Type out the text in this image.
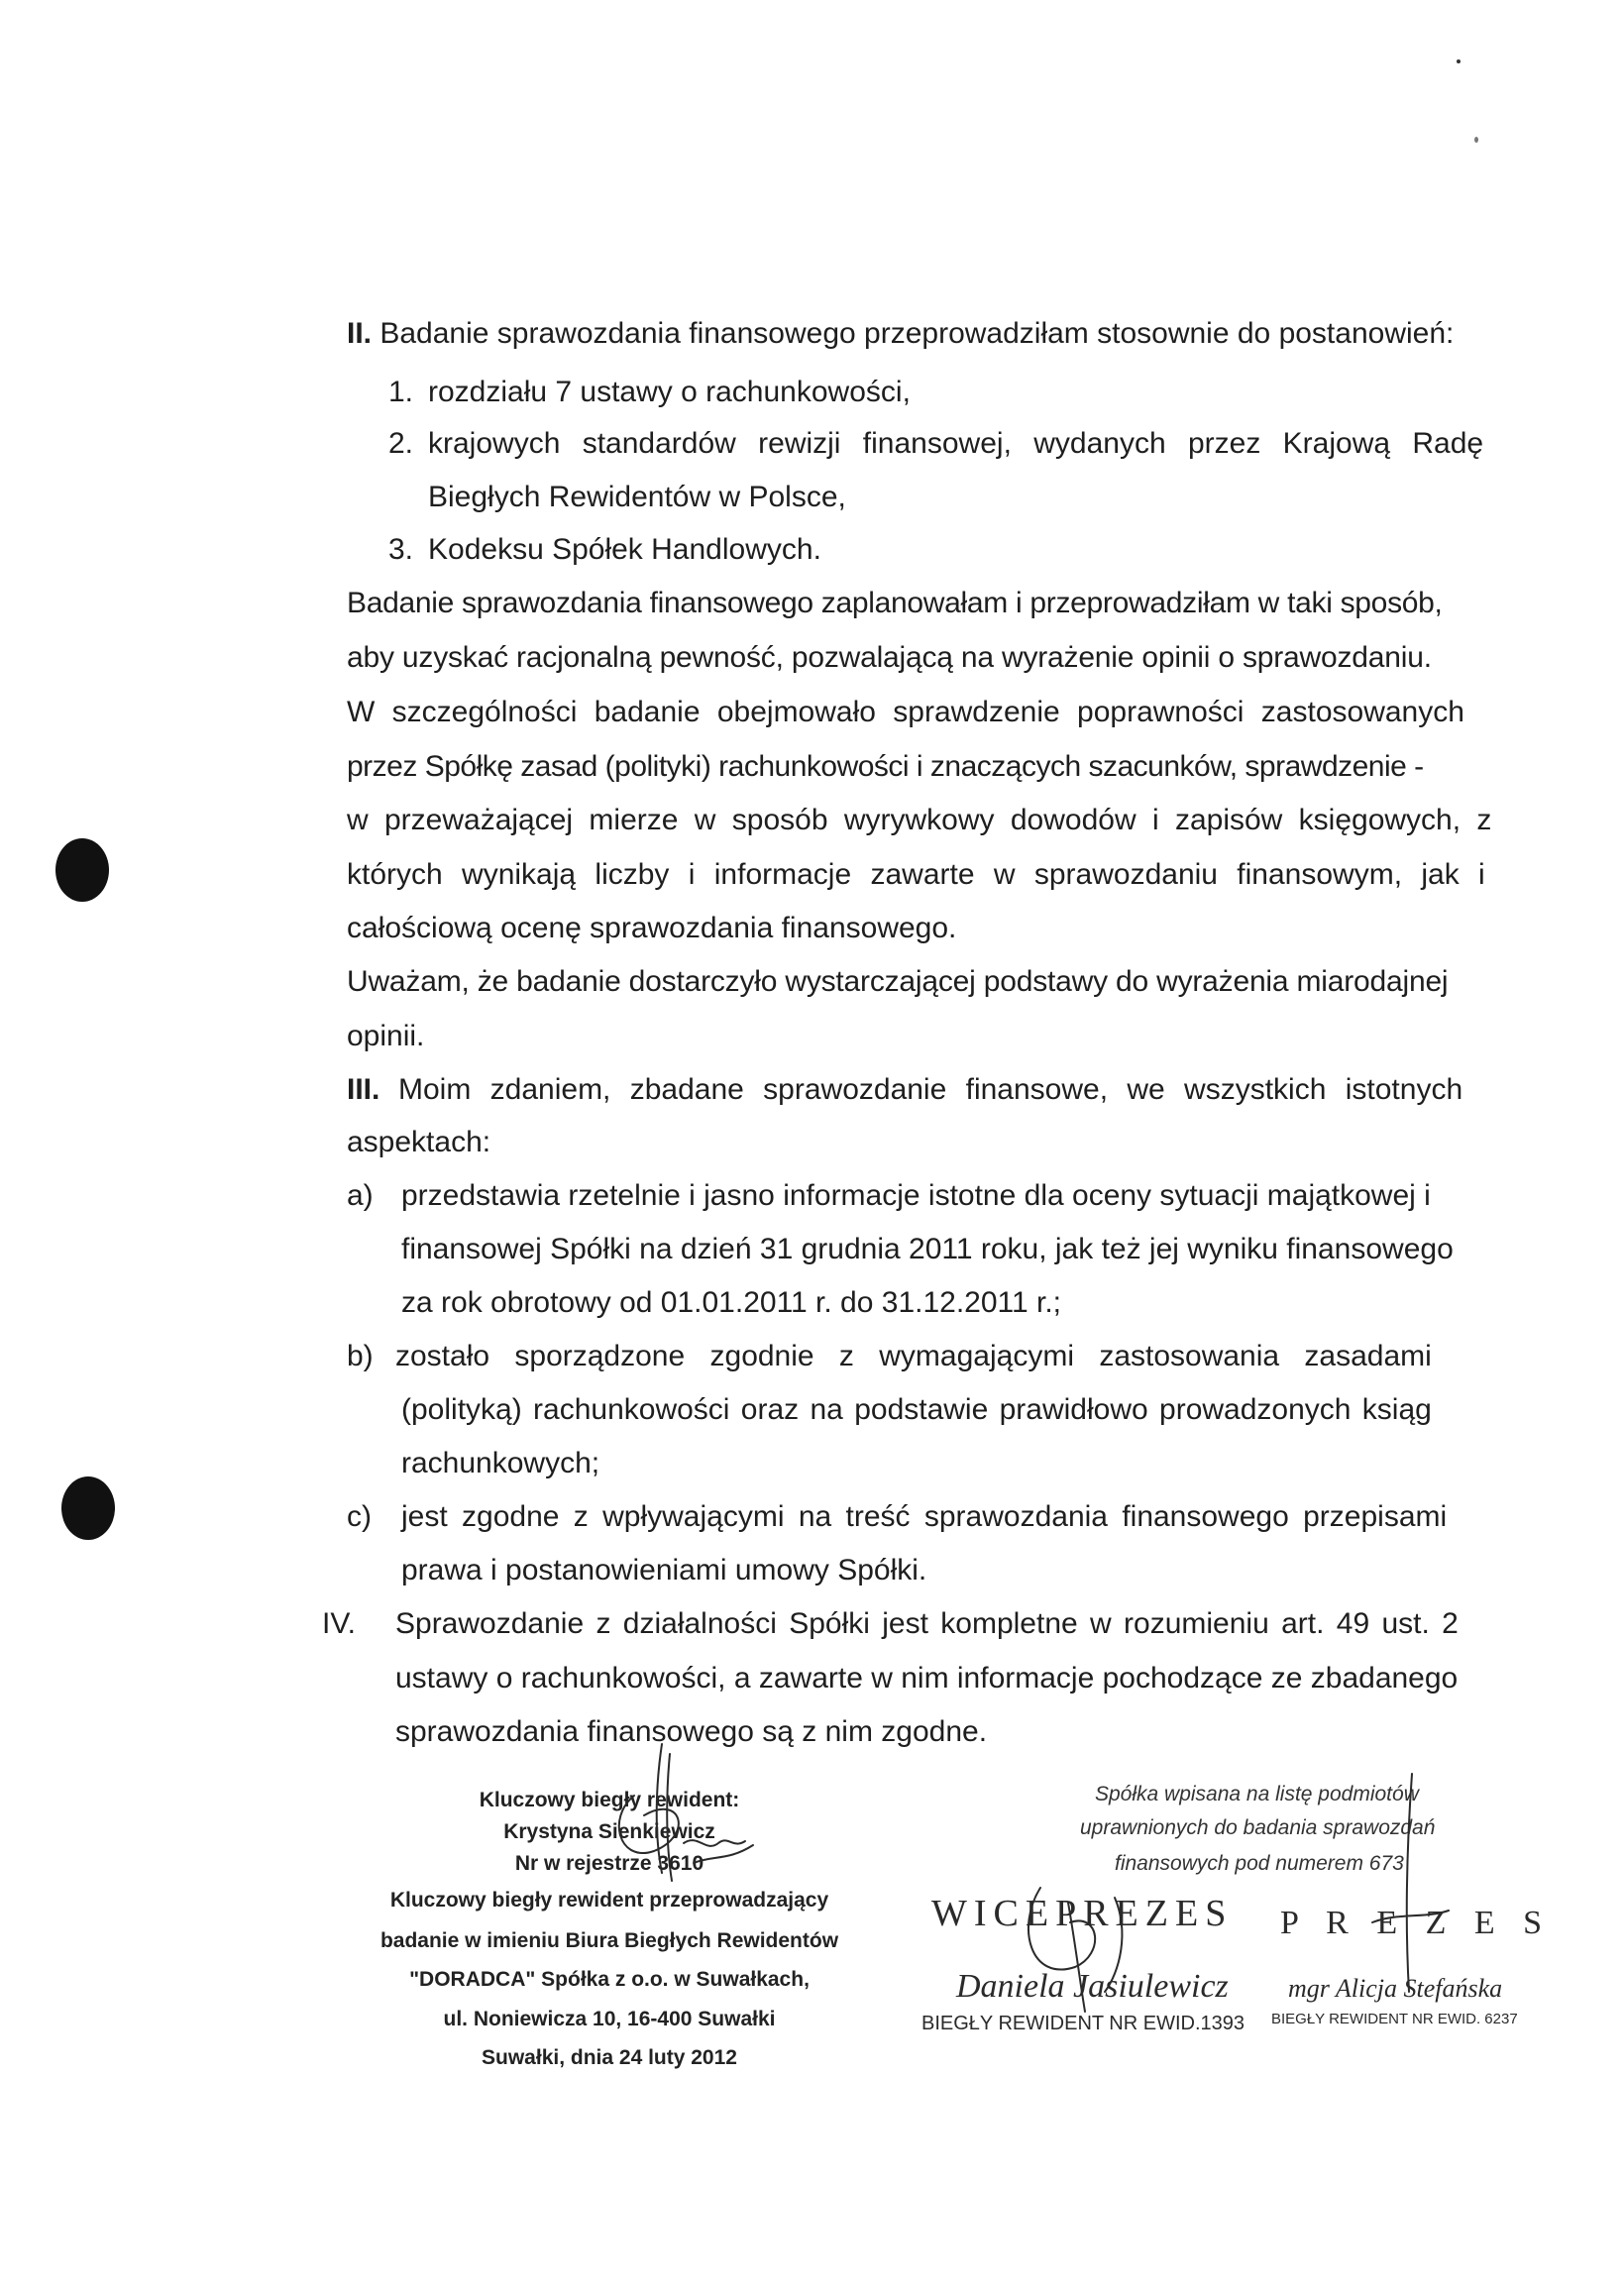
II. Badanie sprawozdania finansowego przeprowadziłam stosownie do postanowień:
1. rozdziału 7 ustawy o rachunkowości,
2. krajowych standardów rewizji finansowej, wydanych przez Krajową Radę
Biegłych Rewidentów w Polsce,
3. Kodeksu Spółek Handlowych.
Badanie sprawozdania finansowego zaplanowałam i przeprowadziłam w taki sposób,
aby uzyskać racjonalną pewność, pozwalającą na wyrażenie opinii o sprawozdaniu.
W szczególności badanie obejmowało sprawdzenie poprawności zastosowanych
przez Spółkę zasad (polityki) rachunkowości i znaczących szacunków, sprawdzenie -
w przeważającej mierze w sposób wyrywkowy dowodów i zapisów księgowych, z
których wynikają liczby i informacje zawarte w sprawozdaniu finansowym, jak i
całościową ocenę sprawozdania finansowego.
Uważam, że badanie dostarczyło wystarczającej podstawy do wyrażenia miarodajnej
opinii.
III. Moim zdaniem, zbadane sprawozdanie finansowe, we wszystkich istotnych
aspektach:
a) przedstawia rzetelnie i jasno informacje istotne dla oceny sytuacji majątkowej i
finansowej Spółki na dzień 31 grudnia 2011 roku, jak też jej wyniku finansowego
za rok obrotowy od 01.01.2011 r. do 31.12.2011 r.;
b) zostało sporządzone zgodnie z wymagającymi zastosowania zasadami
(polityką) rachunkowości oraz na podstawie prawidłowo prowadzonych ksiąg
rachunkowych;
c) jest zgodne z wpływającymi na treść sprawozdania finansowego przepisami
prawa i postanowieniami umowy Spółki.
IV. Sprawozdanie z działalności Spółki jest kompletne w rozumieniu art. 49 ust. 2
ustawy o rachunkowości, a zawarte w nim informacje pochodzące ze zbadanego
sprawozdania finansowego są z nim zgodne.
Kluczowy biegły rewident:
Krystyna Sienkiewicz
Nr w rejestrze 3610
Kluczowy biegły rewident przeprowadzający
badanie w imieniu Biura Biegłych Rewidentów
"DORADCA" Spółka z o.o. w Suwałkach,
ul. Noniewicza 10, 16-400 Suwałki
Suwałki, dnia 24 luty 2012
Spółka wpisana na listę podmiotów
uprawnionych do badania sprawozdań
finansowych pod numerem 673
WICEPREZES P R E Z E S
Daniela Jasiulewicz
BIEGŁY REWIDENT NR EWID.1393
mgr Alicja Stefańska
BIEGŁY REWIDENT NR EWID. 6237
